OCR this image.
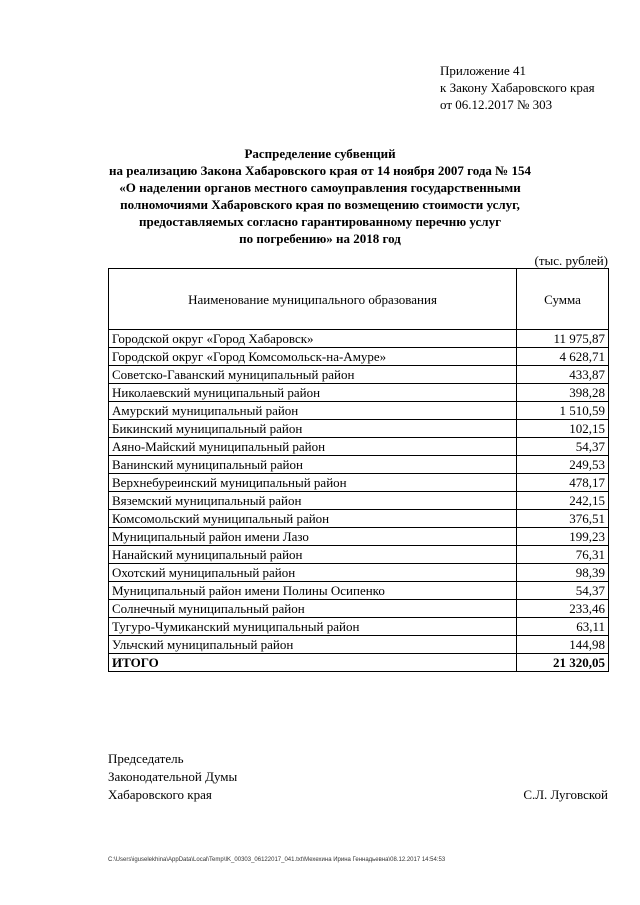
Приложение 41
к Закону Хабаровского края
от 06.12.2017 № 303
Распределение субвенций
на реализацию Закона Хабаровского края от 14 ноября 2007 года № 154
«О наделении органов местного самоуправления государственными
полномочиями Хабаровского края по возмещению стоимости услуг,
предоставляемых согласно гарантированному перечню услуг
по погребению» на 2018 год
(тыс. рублей)
Наименование муниципального образования	Сумма
Городской округ «Город Хабаровск»	11 975,87
Городской округ «Город Комсомольск-на-Амуре»	4 628,71
Советско-Гаванский муниципальный район	433,87
Николаевский муниципальный район	398,28
Амурский муниципальный район	1 510,59
Бикинский муниципальный район	102,15
Аяно-Майский муниципальный район	54,37
Ванинский муниципальный район	249,53
Верхнебуреинский муниципальный район	478,17
Вяземский муниципальный район	242,15
Комсомольский муниципальный район	376,51
Муниципальный район имени Лазо	199,23
Нанайский муниципальный район	76,31
Охотский муниципальный район	98,39
Муниципальный район имени Полины Осипенко	54,37
Солнечный муниципальный район	233,46
Тугуро-Чумиканский муниципальный район	63,11
Ульчский муниципальный район	144,98
ИТОГО	21 320,05
Председатель
Законодательной Думы
Хабаровского края	С.Л. Луговской
C:\Users\iguselekhina\AppData\Local\Temp\IK_00303_06122017_041.txt\Мехехина Ирина Геннадьевна\08.12.2017 14:54:53
